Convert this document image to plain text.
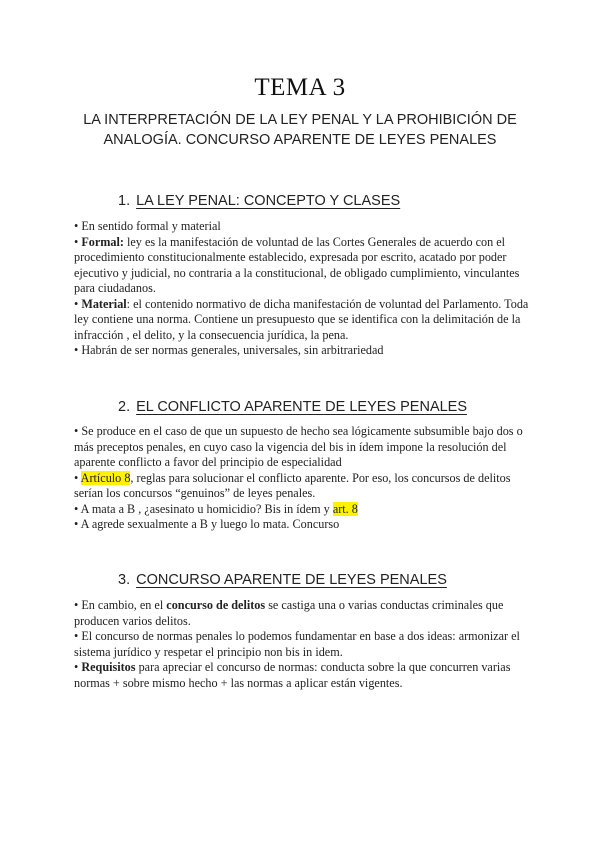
TEMA 3
LA INTERPRETACIÓN DE LA LEY PENAL Y LA PROHIBICIÓN DE ANALOGÍA. CONCURSO APARENTE DE LEYES PENALES
1. LA LEY PENAL: CONCEPTO Y CLASES

• En sentido formal y material

• Formal: ley es la manifestación de voluntad de las Cortes Generales de acuerdo con el procedimiento constitucionalmente establecido, expresada por escrito, acatado por poder ejecutivo y judicial, no contraria a la constitucional, de obligado cumplimiento, vinculantes para ciudadanos.

• Material: el contenido normativo de dicha manifestación de voluntad del Parlamento. Toda ley contiene una norma. Contiene un presupuesto que se identifica con la delimitación de la infracción , el delito, y la consecuencia jurídica, la pena.

• Habrán de ser normas generales, universales, sin arbitrariedad

2. EL CONFLICTO APARENTE DE LEYES PENALES

• Se produce en el caso de que un supuesto de hecho sea lógicamente subsumible bajo dos o más preceptos penales, en cuyo caso la vigencia del bis in ídem impone la resolución del aparente conflicto a favor del principio de especialidad

• Artículo 8, reglas para solucionar el conflicto aparente. Por eso, los concursos de delitos serían los concursos “genuinos” de leyes penales.

• A mata a B , ¿asesinato u homicidio? Bis in ídem y art. 8

• A agrede sexualmente a B y luego lo mata. Concurso

3. CONCURSO APARENTE DE LEYES PENALES

• En cambio, en el concurso de delitos se castiga una o varias conductas criminales que producen varios delitos.

• El concurso de normas penales lo podemos fundamentar en base a dos ideas: armonizar el sistema jurídico y respetar el principio non bis in idem.

• Requisitos para apreciar el concurso de normas: conducta sobre la que concurren varias normas + sobre mismo hecho + las normas a aplicar están vigentes.
